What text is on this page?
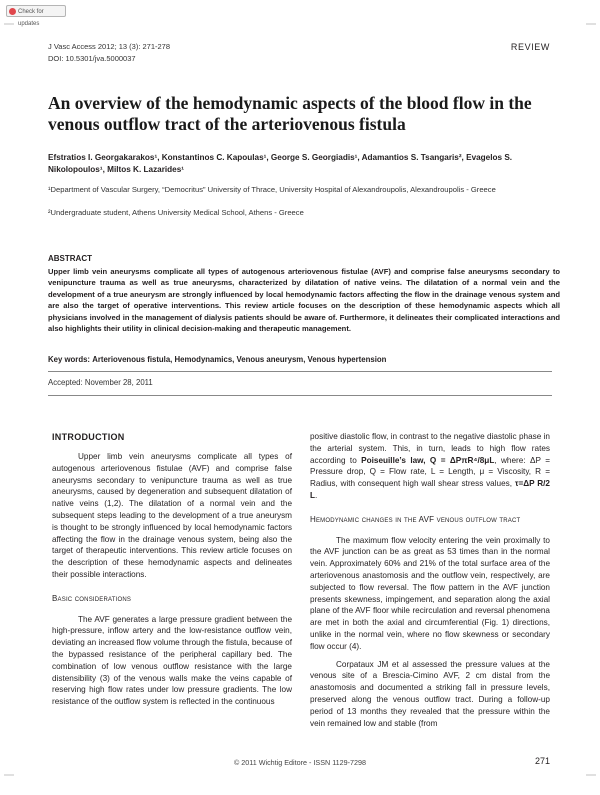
Check for updates
J Vasc Access 2012; 13 (3): 271-278
DOI: 10.5301/jva.5000037
REVIEW
An overview of the hemodynamic aspects of the blood flow in the venous outflow tract of the arteriovenous fistula
Efstratios I. Georgakarakos¹, Konstantinos C. Kapoulas¹, George S. Georgiadis¹, Adamantios S. Tsangaris², Evagelos S. Nikolopoulos¹, Miltos K. Lazarides¹
¹Department of Vascular Surgery, “Democritus” University of Thrace, University Hospital of Alexandroupolis, Alexandroupolis - Greece
²Undergraduate student, Athens University Medical School, Athens - Greece
ABSTRACT
Upper limb vein aneurysms complicate all types of autogenous arteriovenous fistulae (AVF) and comprise false aneurysms secondary to venipuncture trauma as well as true aneurysms, characterized by dilatation of native veins. The dilatation of a normal vein and the development of a true aneurysm are strongly influenced by local hemodynamic factors affecting the flow in the drainage venous system and are also the target of operative interventions. This review article focuses on the description of these hemodynamic aspects which all physicians involved in the management of dialysis patients should be aware of. Furthermore, it delineates their complicated interactions and also highlights their utility in clinical decision-making and therapeutic management.
Key words: Arteriovenous fistula, Hemodynamics, Venous aneurysm, Venous hypertension
Accepted: November 28, 2011
INTRODUCTION

Upper limb vein aneurysms complicate all types of autogenous arteriovenous fistulae (AVF) and comprise false aneurysms secondary to venipuncture trauma as well as true aneurysms, caused by degeneration and subsequent dilatation of native veins (1,2). The dilatation of a normal vein and the subsequent steps leading to the development of a true aneurysm is thought to be strongly influenced by local hemodynamic factors affecting the flow in the drainage venous system, being also the target of therapeutic interventions. This review article focuses on the description of these hemodynamic aspects and delineates their possible interactions.

Basic considerations

The AVF generates a large pressure gradient between the high-pressure, inflow artery and the low-resistance outflow vein, deviating an increased flow volume through the fistula, because of the bypassed resistance of the peripheral capillary bed. The combination of low venous outflow resistance with the large distensibility (3) of the venous walls make the veins capable of reserving high flow rates under low pressure gradients. The low resistance of the outflow system is reflected in the continuous

positive diastolic flow, in contrast to the negative diastolic phase in the arterial system. This, in turn, leads to high flow rates according to Poiseuille’s law, Q = ΔPπR⁴/8μL, where: ΔP = Pressure drop, Q = Flow rate, L = Length, μ = Viscosity, R = Radius, with consequent high wall shear stress values, τ=ΔP R/2 L.

Hemodynamic changes in the AVF venous outflow tract

The maximum flow velocity entering the vein proximally to the AVF junction can be as great as 53 times than in the normal vein. Approximately 60% and 21% of the total surface area of the arteriovenous anastomosis and the outflow vein, respectively, are subjected to flow reversal. The flow pattern in the AVF junction presents skewness, impingement, and separation along the axial plane of the AVF floor while recirculation and reversal phenomena are met in both the axial and circumferential (Fig. 1) directions, unlike in the normal vein, where no flow skewness or secondary flow occur (4).

Corpataux JM et al assessed the pressure values at the venous site of a Brescia-Cimino AVF, 2 cm distal from the anastomosis and documented a striking fall in pressure levels, preserved along the venous outflow tract. During a follow-up period of 13 months they revealed that the pressure within the vein remained low and stable (from

© 2011 Wichtig Editore - ISSN 1129-7298	271
